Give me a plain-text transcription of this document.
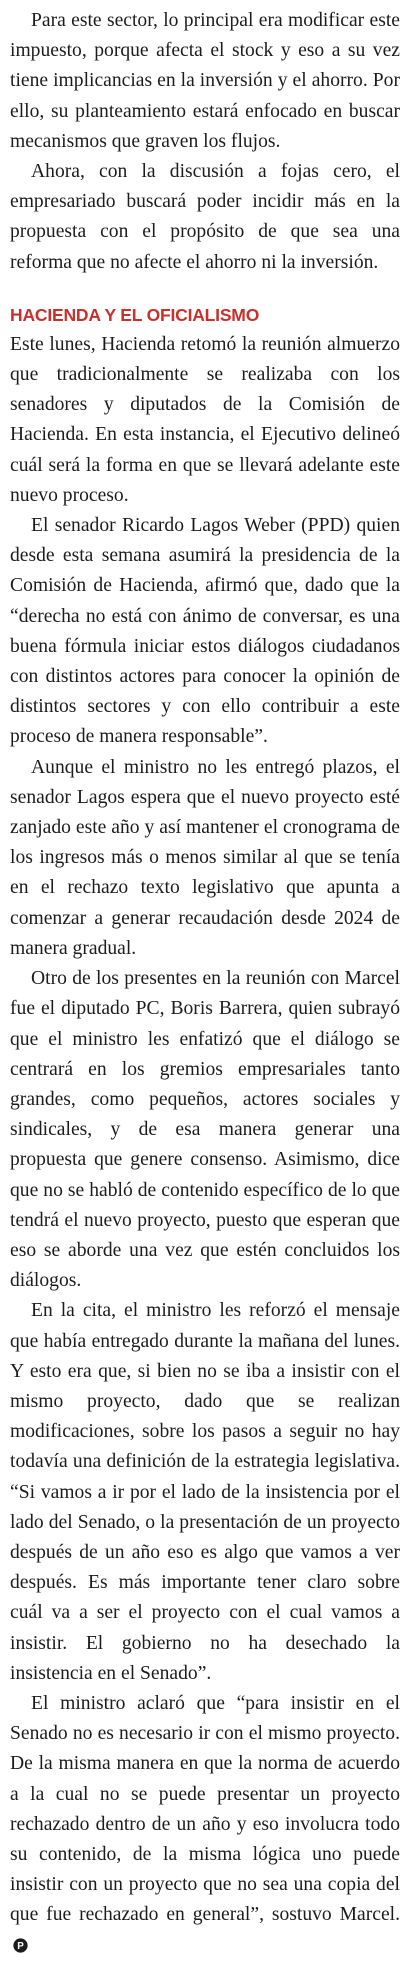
Para este sector, lo principal era modificar este impuesto, porque afecta el stock y eso a su vez tiene implicancias en la inversión y el ahorro. Por ello, su planteamiento estará enfocado en buscar mecanismos que graven los flujos.

Ahora, con la discusión a fojas cero, el empresariado buscará poder incidir más en la propuesta con el propósito de que sea una reforma que no afecte el ahorro ni la inversión.

HACIENDA Y EL OFICIALISMO

Este lunes, Hacienda retomó la reunión almuerzo que tradicionalmente se realizaba con los senadores y diputados de la Comisión de Hacienda. En esta instancia, el Ejecutivo delineó cuál será la forma en que se llevará adelante este nuevo proceso.

El senador Ricardo Lagos Weber (PPD) quien desde esta semana asumirá la presidencia de la Comisión de Hacienda, afirmó que, dado que la “derecha no está con ánimo de conversar, es una buena fórmula iniciar estos diálogos ciudadanos con distintos actores para conocer la opinión de distintos sectores y con ello contribuir a este proceso de manera responsable”.

Aunque el ministro no les entregó plazos, el senador Lagos espera que el nuevo proyecto esté zanjado este año y así mantener el cronograma de los ingresos más o menos similar al que se tenía en el rechazo texto legislativo que apunta a comenzar a generar recaudación desde 2024 de manera gradual.

Otro de los presentes en la reunión con Marcel fue el diputado PC, Boris Barrera, quien subrayó que el ministro les enfatizó que el diálogo se centrará en los gremios empresariales tanto grandes, como pequeños, actores sociales y sindicales, y de esa manera generar una propuesta que genere consenso. Asimismo, dice que no se habló de contenido específico de lo que tendrá el nuevo proyecto, puesto que esperan que eso se aborde una vez que estén concluidos los diálogos.

En la cita, el ministro les reforzó el mensaje que había entregado durante la mañana del lunes. Y esto era que, si bien no se iba a insistir con el mismo proyecto, dado que se realizan modificaciones, sobre los pasos a seguir no hay todavía una definición de la estrategia legislativa. “Si vamos a ir por el lado de la insistencia por el lado del Senado, o la presentación de un proyecto después de un año eso es algo que vamos a ver después. Es más importante tener claro sobre cuál va a ser el proyecto con el cual vamos a insistir. El gobierno no ha desechado la insistencia en el Senado”.

El ministro aclaró que “para insistir en el Senado no es necesario ir con el mismo proyecto. De la misma manera en que la norma de acuerdo a la cual no se puede presentar un proyecto rechazado dentro de un año y eso involucra todo su contenido, de la misma lógica uno puede insistir con un proyecto que no sea una copia del que fue rechazado en general”, sostuvo Marcel.
P
